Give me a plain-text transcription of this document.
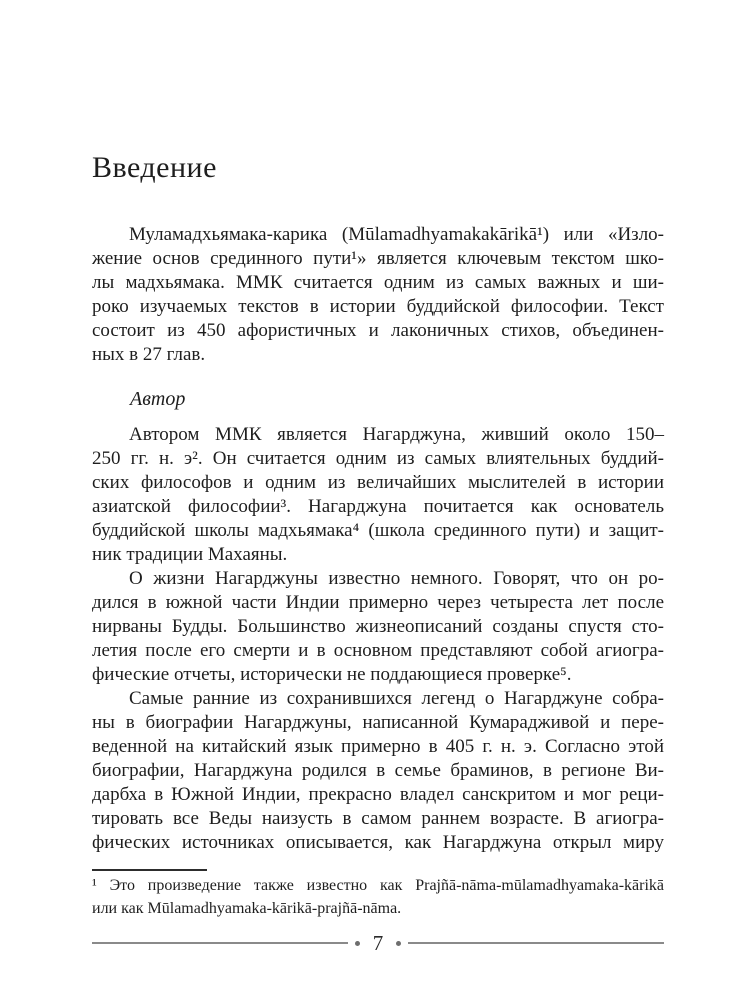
Введение
Муламадхьямака-карика (Mūlamadhyamakakārikā¹) или «Изло-
жение основ срединного пути¹» является ключевым текстом шко-
лы мадхьямака. ММК считается одним из самых важных и ши-
роко изучаемых текстов в истории буддийской философии. Текст
состоит из 450 афористичных и лаконичных стихов, объединен-
ных в 27 глав.
Автор
Автором ММК является Нагарджуна, живший около 150–
250 гг. н. э². Он считается одним из самых влиятельных буддий-
ских философов и одним из величайших мыслителей в истории
азиатской философии³. Нагарджуна почитается как основатель
буддийской школы мадхьямака⁴ (школа срединного пути) и защит-
ник традиции Махаяны.
О жизни Нагарджуны известно немного. Говорят, что он ро-
дился в южной части Индии примерно через четыреста лет после
нирваны Будды. Большинство жизнеописаний созданы спустя сто-
летия после его смерти и в основном представляют собой агиогра-
фические отчеты, исторически не поддающиеся проверке⁵.
Самые ранние из сохранившихся легенд о Нагарджуне собра-
ны в биографии Нагарджуны, написанной Кумарадживой и пере-
веденной на китайский язык примерно в 405 г. н. э. Согласно этой
биографии, Нагарджуна родился в семье браминов, в регионе Ви-
дарбха в Южной Индии, прекрасно владел санскритом и мог реци-
тировать все Веды наизусть в самом раннем возрасте. В агиогра-
фических источниках описывается, как Нагарджуна открыл миру
¹ Это произведение также известно как Prajñā-nāma-mūlamadhyamaka-kārikā
или как Mūlamadhyamaka-kārikā-prajñā-nāma.
7
